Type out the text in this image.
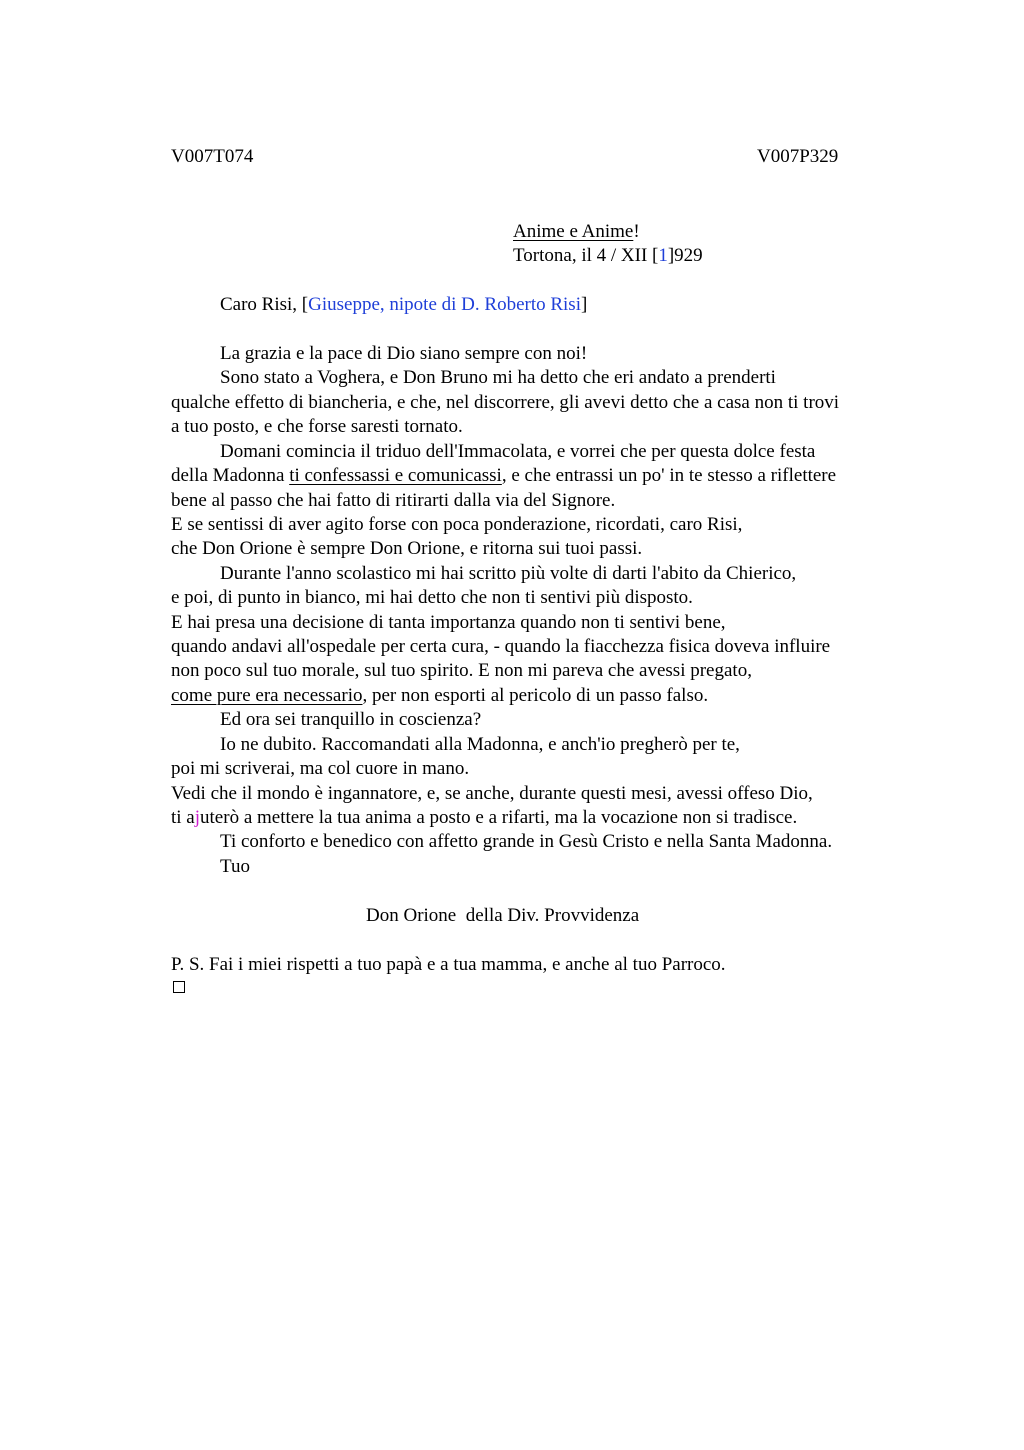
V007T074	V007P329
Anime e Anime!
Tortona, il 4 / XII [1]929
Caro Risi, [Giuseppe, nipote di D. Roberto Risi]
La grazia e la pace di Dio siano sempre con noi!
Sono stato a Voghera, e Don Bruno mi ha detto che eri andato a prenderti
qualche effetto di biancheria, e che, nel discorrere, gli avevi detto che a casa non ti trovi
a tuo posto, e che forse saresti tornato.
Domani comincia il triduo dell'Immacolata, e vorrei che per questa dolce festa
della Madonna ti confessassi e comunicassi, e che entrassi un po' in te stesso a riflettere
bene al passo che hai fatto di ritirarti dalla via del Signore.
E se sentissi di aver agito forse con poca ponderazione, ricordati, caro Risi,
che Don Orione è sempre Don Orione, e ritorna sui tuoi passi.
Durante l'anno scolastico mi hai scritto più volte di darti l'abito da Chierico,
e poi, di punto in bianco, mi hai detto che non ti sentivi più disposto.
E hai presa una decisione di tanta importanza quando non ti sentivi bene,
quando andavi all'ospedale per certa cura, - quando la fiacchezza fisica doveva influire
non poco sul tuo morale, sul tuo spirito. E non mi pareva che avessi pregato,
come pure era necessario, per non esporti al pericolo di un passo falso.
Ed ora sei tranquillo in coscienza?
Io ne dubito. Raccomandati alla Madonna, e anch'io pregherò per te,
poi mi scriverai, ma col cuore in mano.
Vedi che il mondo è ingannatore, e, se anche, durante questi mesi, avessi offeso Dio,
ti ajuterò a mettere la tua anima a posto e a rifarti, ma la vocazione non si tradisce.
Ti conforto e benedico con affetto grande in Gesù Cristo e nella Santa Madonna.
Tuo
Don Orione  della Div. Provvidenza
P. S. Fai i miei rispetti a tuo papà e a tua mamma, e anche al tuo Parroco.
